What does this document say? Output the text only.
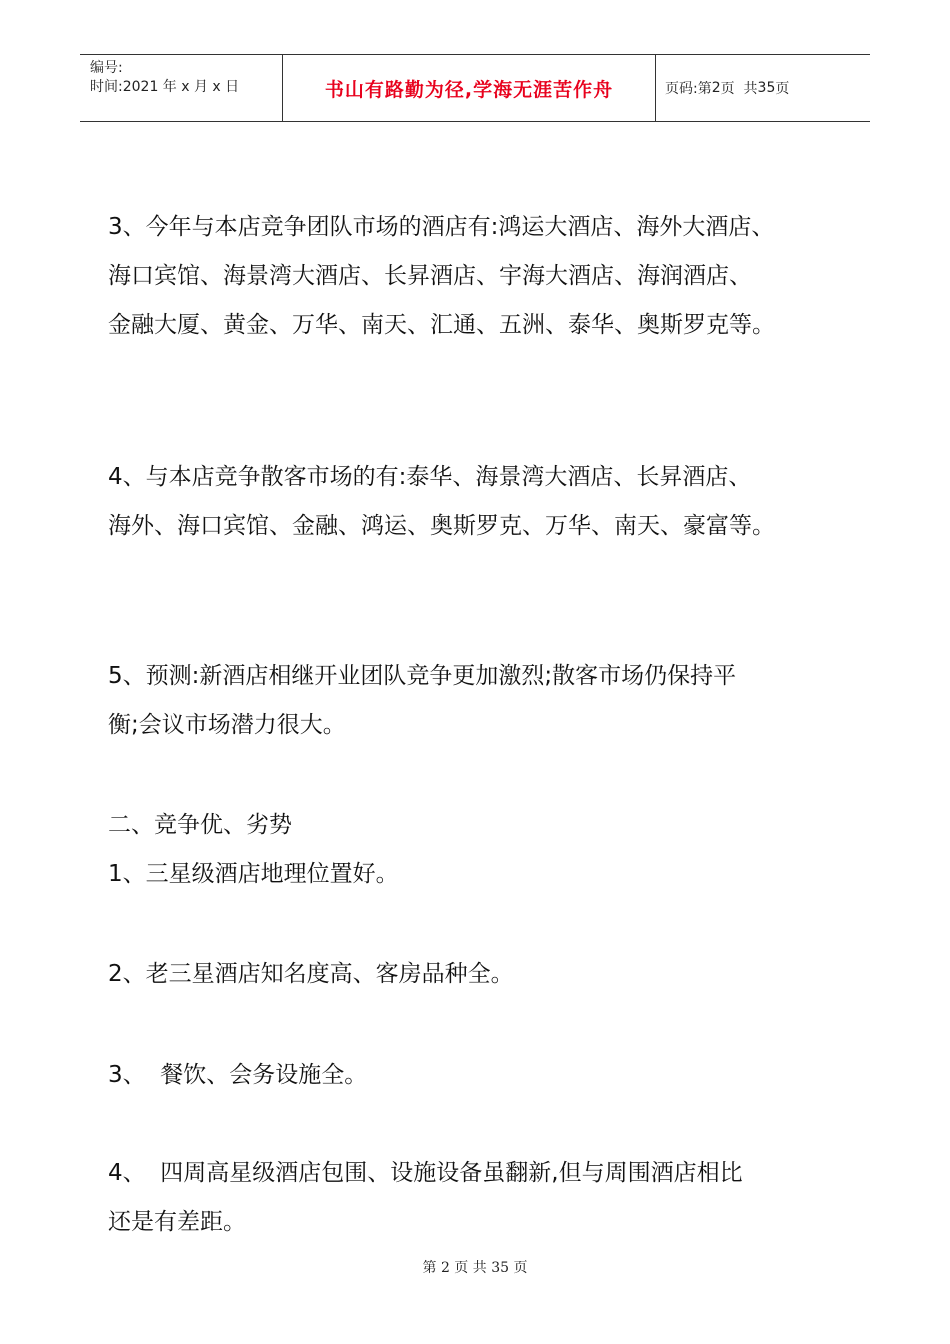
编号:
时间:2021 年 x 月 x 日	书山有路勤为径,学海无涯苦作舟	页码:第 2 页  共 35 页
3、今年与本店竞争团队市场的酒店有:鸿运大酒店、海外大酒店、
海口宾馆、海景湾大酒店、长昇酒店、宇海大酒店、海润酒店、
金融大厦、黄金、万华、南天、汇通、五洲、泰华、奥斯罗克等。
4、与本店竞争散客市场的有:泰华、海景湾大酒店、长昇酒店、
海外、海口宾馆、金融、鸿运、奥斯罗克、万华、南天、豪富等。
5、预测:新酒店相继开业团队竞争更加激烈;散客市场仍保持平
衡;会议市场潜力很大。
二、竞争优、劣势
1、三星级酒店地理位置好。
2、老三星酒店知名度高、客房品种全。
3、  餐饮、会务设施全。
4、  四周高星级酒店包围、设施设备虽翻新,但与周围酒店相比
还是有差距。
第 2 页 共 35 页
